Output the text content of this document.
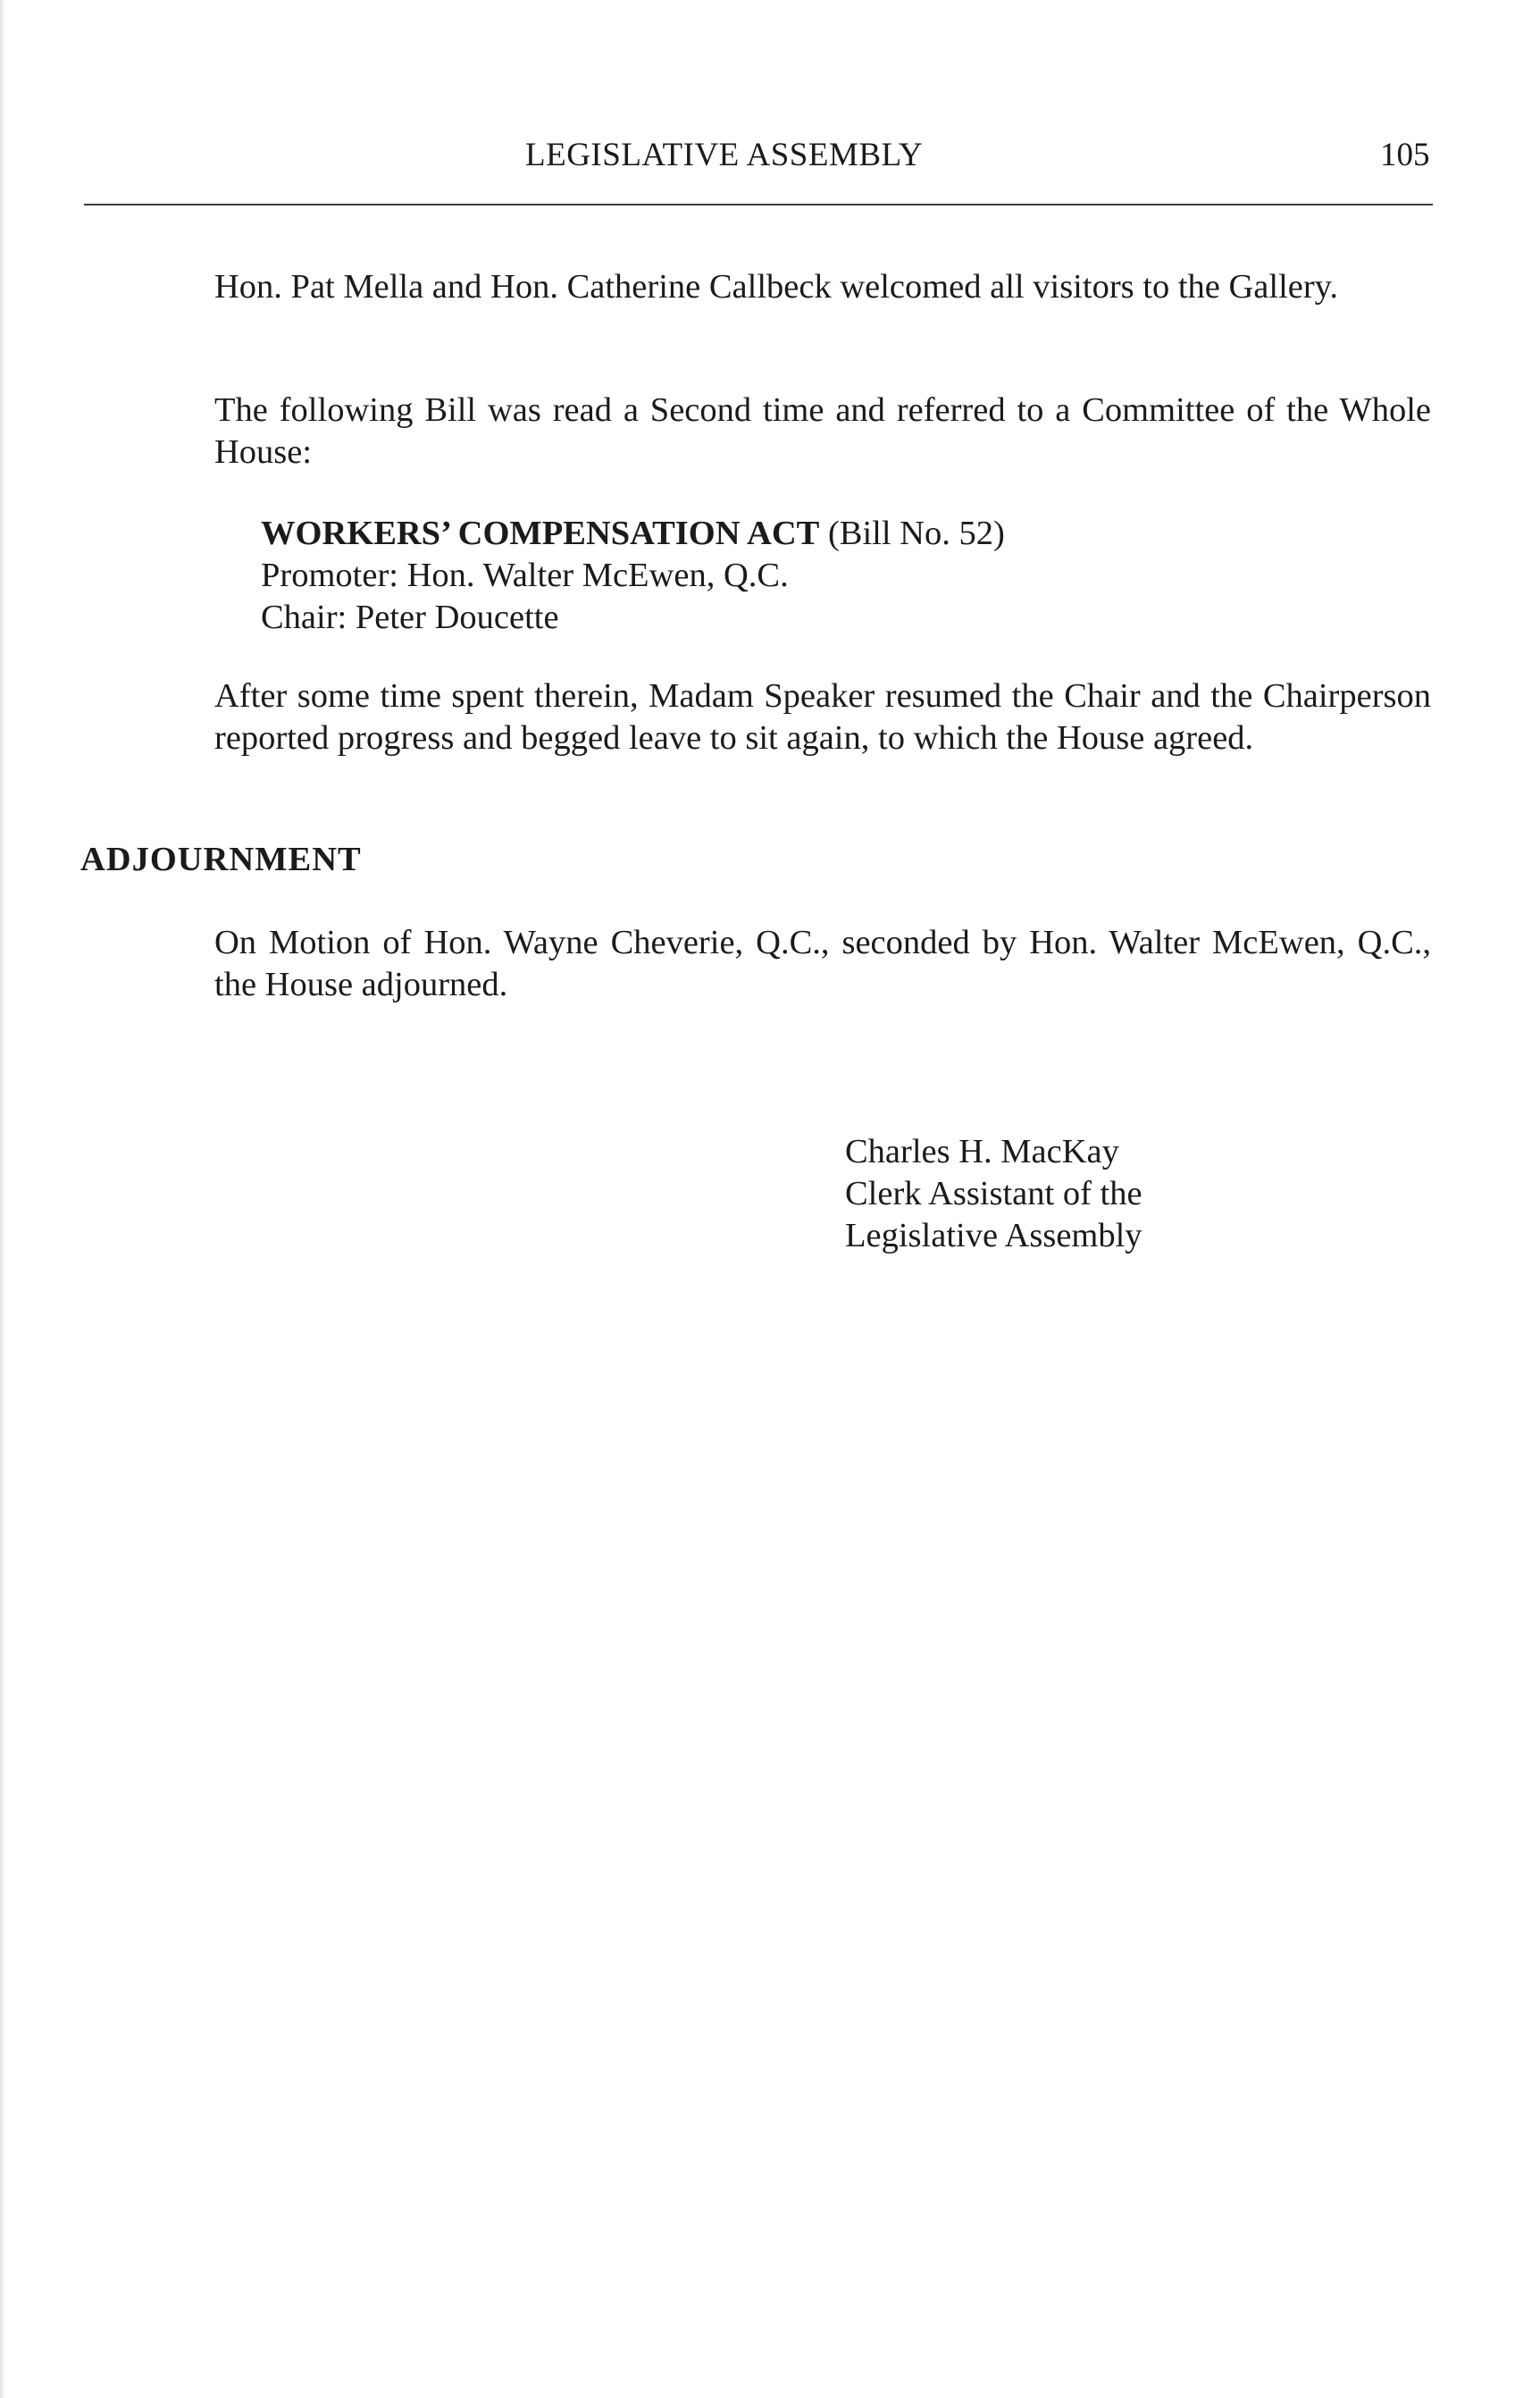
LEGISLATIVE ASSEMBLY	105

Hon. Pat Mella and Hon. Catherine Callbeck welcomed all visitors to the Gallery.

The following Bill was read a Second time and referred to a Committee of the Whole House:

WORKERS’ COMPENSATION ACT (Bill No. 52)
Promoter: Hon. Walter McEwen, Q.C.
Chair: Peter Doucette

After some time spent therein, Madam Speaker resumed the Chair and the Chairperson reported progress and begged leave to sit again, to which the House agreed.

ADJOURNMENT

On Motion of Hon. Wayne Cheverie, Q.C., seconded by Hon. Walter McEwen, Q.C., the House adjourned.

Charles H. MacKay
Clerk Assistant of the
Legislative Assembly
